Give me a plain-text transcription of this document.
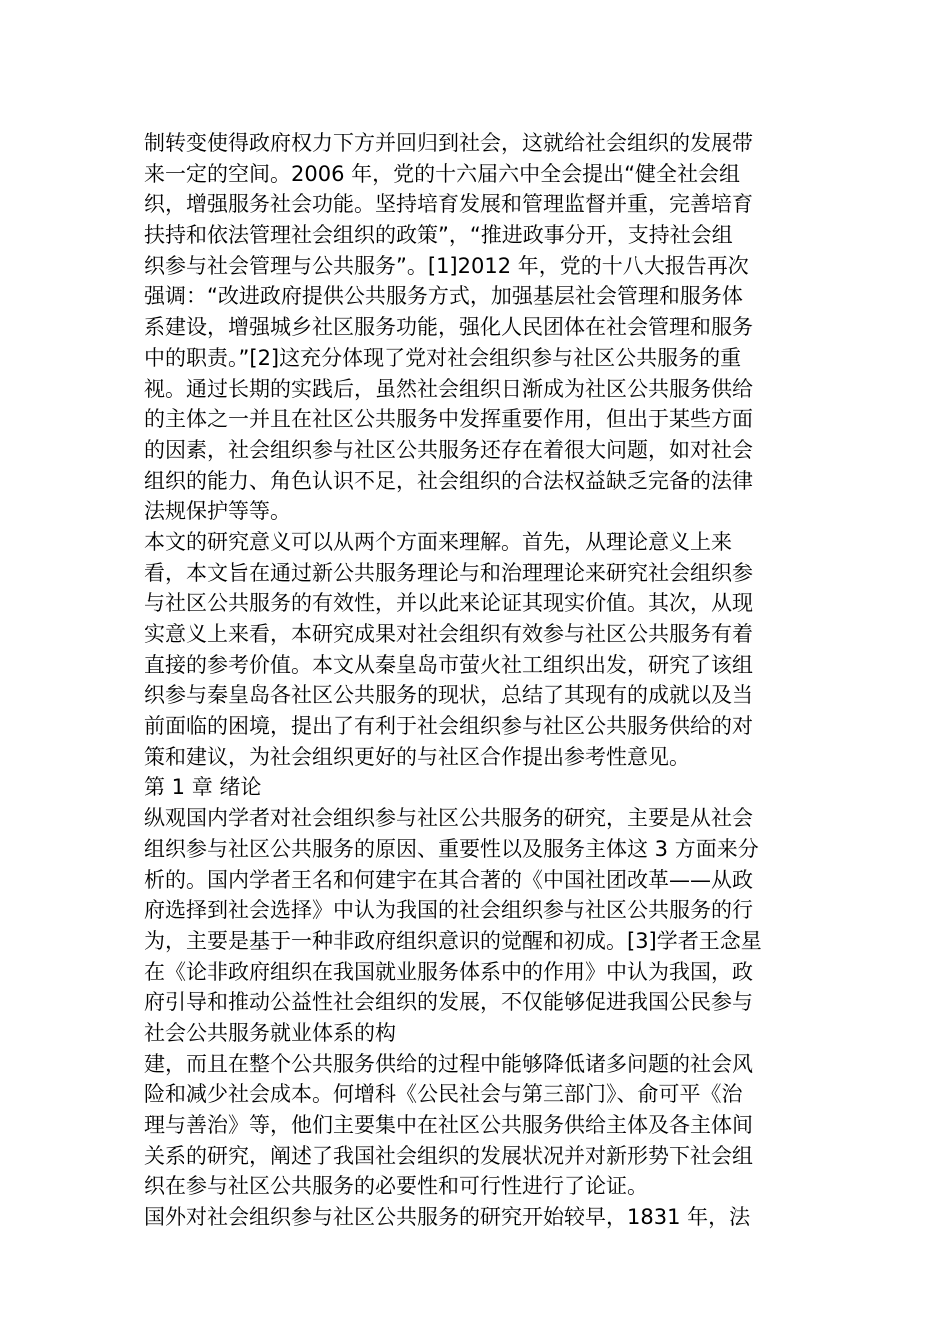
制转变使得政府权力下方并回归到社会，这就给社会组织的发展带
来一定的空间。2006 年，党的十六届六中全会提出“健全社会组
织，增强服务社会功能。坚持培育发展和管理监督并重，完善培育
扶持和依法管理社会组织的政策”，“推进政事分开，支持社会组
织参与社会管理与公共服务”。[1]2012 年，党的十八大报告再次
强调：“改进政府提供公共服务方式，加强基层社会管理和服务体
系建设，增强城乡社区服务功能，强化人民团体在社会管理和服务
中的职责。”[2]这充分体现了党对社会组织参与社区公共服务的重
视。通过长期的实践后，虽然社会组织日渐成为社区公共服务供给
的主体之一并且在社区公共服务中发挥重要作用，但出于某些方面
的因素，社会组织参与社区公共服务还存在着很大问题，如对社会
组织的能力、角色认识不足，社会组织的合法权益缺乏完备的法律
法规保护等等。
本文的研究意义可以从两个方面来理解。首先，从理论意义上来
看，本文旨在通过新公共服务理论与和治理理论来研究社会组织参
与社区公共服务的有效性，并以此来论证其现实价值。其次，从现
实意义上来看，本研究成果对社会组织有效参与社区公共服务有着
直接的参考价值。本文从秦皇岛市萤火社工组织出发，研究了该组
织参与秦皇岛各社区公共服务的现状，总结了其现有的成就以及当
前面临的困境，提出了有利于社会组织参与社区公共服务供给的对
策和建议，为社会组织更好的与社区合作提出参考性意见。
第 1 章 绪论
纵观国内学者对社会组织参与社区公共服务的研究，主要是从社会
组织参与社区公共服务的原因、重要性以及服务主体这 3 方面来分
析的。国内学者王名和何建宇在其合著的《中国社团改革——从政
府选择到社会选择》中认为我国的社会组织参与社区公共服务的行
为，主要是基于一种非政府组织意识的觉醒和初成。[3]学者王念星
在《论非政府组织在我国就业服务体系中的作用》中认为我国，政
府引导和推动公益性社会组织的发展，不仅能够促进我国公民参与
社会公共服务就业体系的构
建，而且在整个公共服务供给的过程中能够降低诸多问题的社会风
险和减少社会成本。何增科《公民社会与第三部门》、俞可平《治
理与善治》等，他们主要集中在社区公共服务供给主体及各主体间
关系的研究，阐述了我国社会组织的发展状况并对新形势下社会组
织在参与社区公共服务的必要性和可行性进行了论证。
国外对社会组织参与社区公共服务的研究开始较早，1831 年，法
